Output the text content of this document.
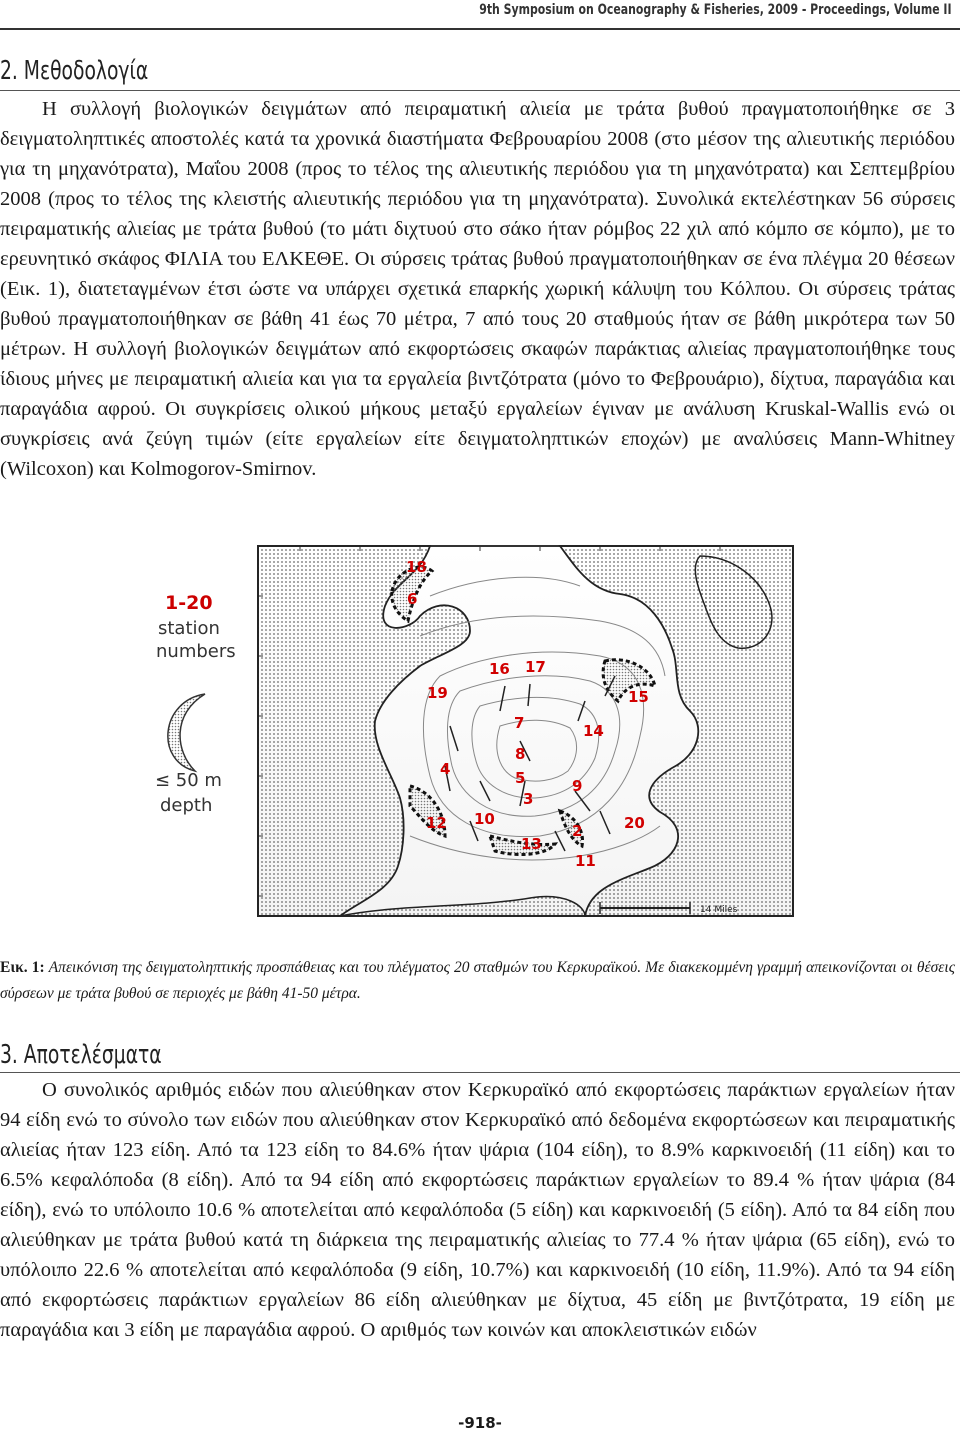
9th Symposium on Oceanography & Fisheries, 2009 - Proceedings, Volume II
2. Μεθοδολογία

Η συλλογή βιολογικών δειγμάτων από πειραματική αλιεία με τράτα βυθού πραγματοποιήθηκε σε 3 δειγματοληπτικές αποστολές κατά τα χρονικά διαστήματα Φεβρουαρίου 2008 (στο μέσον της αλιευτικής περιόδου για τη μηχανότρατα), Μαΐου 2008 (προς το τέλος της αλιευτικής περιόδου για τη μηχανότρατα) και Σεπτεμβρίου 2008 (προς το τέλος της κλειστής αλιευτικής περιόδου για τη μηχανότρατα). Συνολικά εκτελέστηκαν 56 σύρσεις πειραματικής αλιείας με τράτα βυθού (το μάτι διχτυού στο σάκο ήταν ρόμβος 22 χιλ από κόμπο σε κόμπο), με το ερευνητικό σκάφος ΦΙΛΙΑ του ΕΛΚΕΘΕ. Οι σύρσεις τράτας βυθού πραγματοποιήθηκαν σε ένα πλέγμα 20 θέσεων (Εικ. 1), διατεταγμένων έτσι ώστε να υπάρχει σχετικά επαρκής χωρική κάλυψη του Κόλπου. Οι σύρσεις τράτας βυθού πραγματοποιήθηκαν σε βάθη 41 έως 70 μέτρα, 7 από τους 20 σταθμούς ήταν σε βάθη μικρότερα των 50 μέτρων. Η συλλογή βιολογικών δειγμάτων από εκφορτώσεις σκαφών παράκτιας αλιείας πραγματοποιήθηκε τους ίδιους μήνες με πειραματική αλιεία και για τα εργαλεία βιντζότρατα (μόνο το Φεβρουάριο), δίχτυα, παραγάδια και παραγάδια αφρού. Οι συγκρίσεις ολικού μήκους μεταξύ εργαλείων έγιναν με ανάλυση Kruskal-Wallis ενώ οι συγκρίσεις ανά ζεύγη τιμών (είτε εργαλείων είτε δειγματοληπτικών εποχών) με αναλύσεις Mann-Whitney (Wilcoxon) και Kolmogorov-Smirnov.

1-20
station
numbers
≤ 50 m
depth
18
6
16 17
15
19
7	14
8
4	5	9
3
12 10
13
2	20
11
14 Miles

Εικ. 1: Απεικόνιση της δειγματοληπτικής προσπάθειας και του πλέγματος 20 σταθμών του Κερκυραϊκού. Με διακεκομμένη γραμμή απεικονίζονται οι θέσεις σύρσεων με τράτα βυθού σε περιοχές με βάθη 41-50 μέτρα.

3. Αποτελέσματα

Ο συνολικός αριθμός ειδών που αλιεύθηκαν στον Κερκυραϊκό από εκφορτώσεις παράκτιων εργαλείων ήταν 94 είδη ενώ το σύνολο των ειδών που αλιεύθηκαν στον Κερκυραϊκό από δεδομένα εκφορτώσεων και πειραματικής αλιείας ήταν 123 είδη. Από τα 123 είδη το 84.6% ήταν ψάρια (104 είδη), το 8.9% καρκινοειδή (11 είδη) και το 6.5% κεφαλόποδα (8 είδη). Από τα 94 είδη από εκφορτώσεις παράκτιων εργαλείων το 89.4 % ήταν ψάρια (84 είδη), ενώ το υπόλοιπο 10.6 % αποτελείται από κεφαλόποδα (5 είδη) και καρκινοειδή (5 είδη). Από τα 84 είδη που αλιεύθηκαν με τράτα βυθού κατά τη διάρκεια της πειραματικής αλιείας το 77.4 % ήταν ψάρια (65 είδη), ενώ το υπόλοιπο 22.6 % αποτελείται από κεφαλόποδα (9 είδη, 10.7%) και καρκινοειδή (10 είδη, 11.9%). Από τα 94 είδη από εκφορτώσεις παράκτιων εργαλείων 86 είδη αλιεύθηκαν με δίχτυα, 45 είδη με βιντζότρατα, 19 είδη με παραγάδια και 3 είδη με παραγάδια αφρού. Ο αριθμός των κοινών και αποκλειστικών ειδών

-918-
